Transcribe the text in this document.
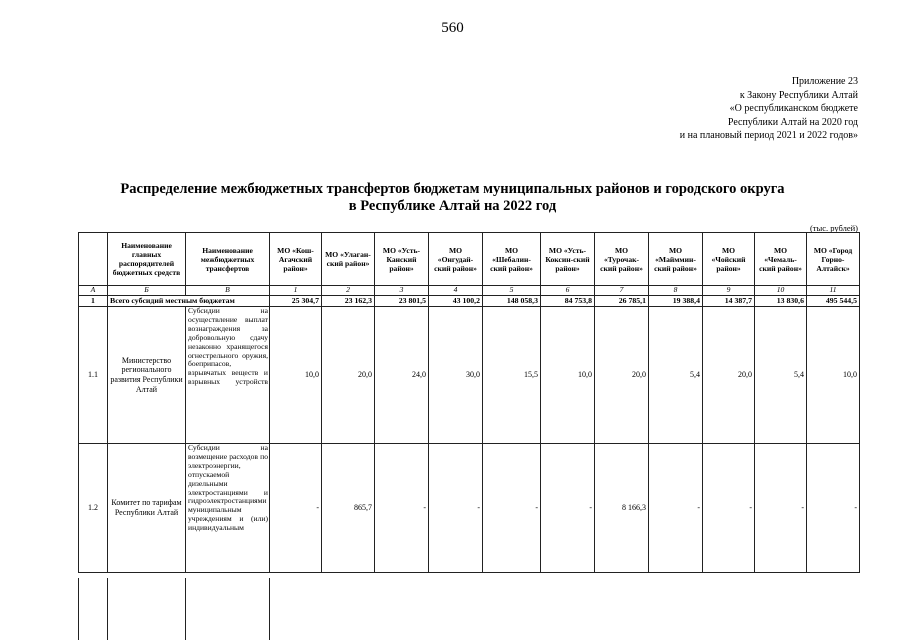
560
Приложение 23
к Закону Республики Алтай
«О республиканском бюджете
Республики Алтай на 2020 год
и на плановый период 2021 и 2022 годов»
Распределение межбюджетных трансфертов бюджетам муниципальных районов и городского округа
в Республике Алтай на 2022 год
(тыс. рублей)
	Наименование главных распорядителей бюджетных средств	Наименование межбюджетных трансфертов	МО «Кош-Агачский район»	МО «Улаган-ский район»	МО «Усть-Канский район»	МО «Онгудай-ский район»	МО «Шебалин-ский район»	МО «Усть-Коксин-ский район»	МО «Турочак-ский район»	МО «Майммин-ский район»	МО «Чойский район»	МО «Чемаль-ский район»	МО «Город Горно-Алтайск»
А	Б	В	1	2	3	4	5	6	7	8	9	10	11
1	Всего субсидий местным бюджетам		25 304,7	23 162,3	23 801,5	43 100,2	148 058,3	84 753,8	26 785,1	19 388,4	14 387,7	13 830,6	495 544,5
1.1	Министерство регионального развития Республики Алтай	Субсидии на осуществление выплат вознаграждения за добровольную сдачу незаконно хранящегося огнестрельного оружия, боеприпасов, взрывчатых веществ и взрывных устройств	10,0	20,0	24,0	30,0	15,5	10,0	20,0	5,4	20,0	5,4	10,0
1.2	Комитет по тарифам Республики Алтай	Субсидии на возмещение расходов по электроэнергии, отпускаемой дизельными электростанциями и гидроэлектростанциями муниципальным учреждениям и (или) индивидуальным	-	865,7	-	-	-	-	8 166,3	-	-	-	-
